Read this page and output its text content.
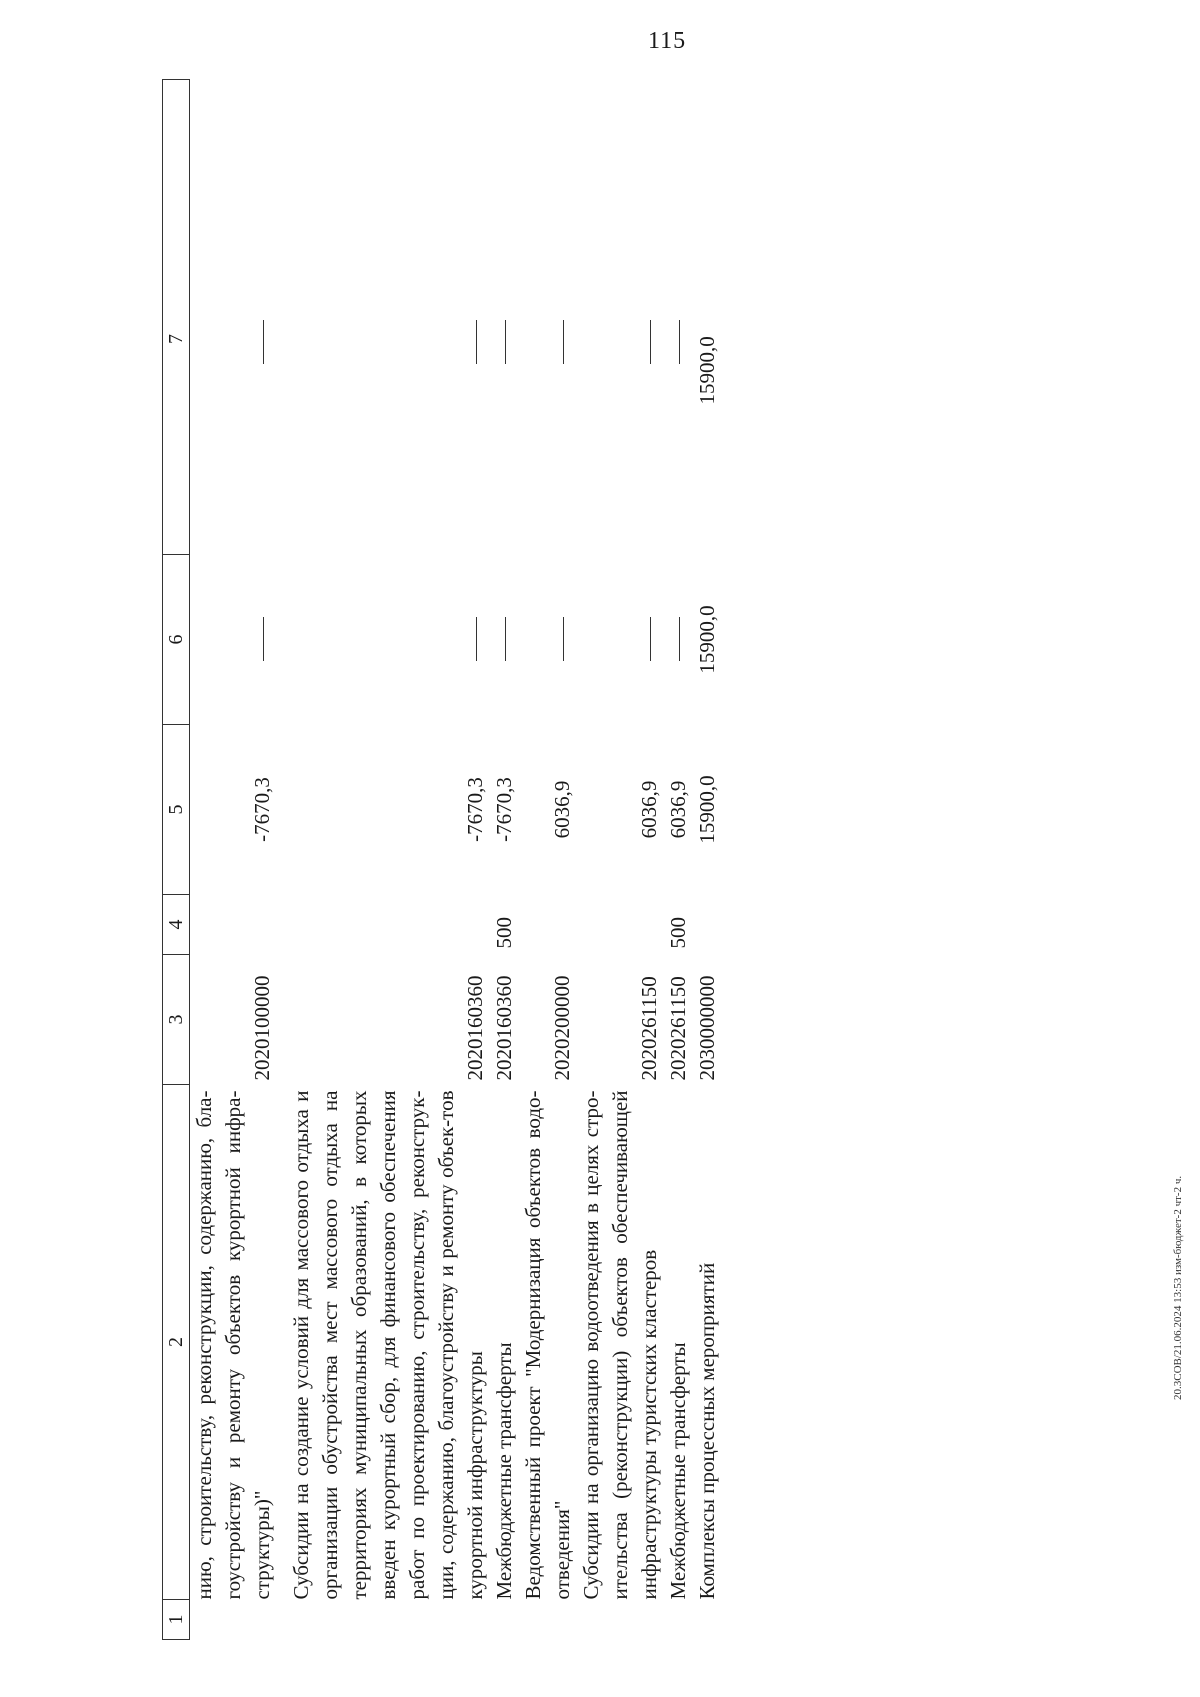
115
20.3СОВ/21.06.2024 13:53 изм-бюджет-2 чт-2 ч.
1	2	3	4	5	6	7
	нию, строительству, реконструкции, содержанию, бла-гоустройству и ремонту объектов курортной инфра-структуры)"	2020100000		-7670,3		
	Субсидии на создание условий для массового отдыха и организации обустройства мест массового отдыха на территориях муниципальных образований, в которых введен курортный сбор, для финансового обеспечения работ по проектированию, строительству, реконструк-ции, содержанию, благоустройству и ремонту объек-тов курортной инфраструктуры	2020160360		-7670,3		
	Межбюджетные трансферты	2020160360	500	-7670,3		
	Ведомственный проект "Модернизация объектов водо-отведения"	2020200000		6036,9		
	Субсидии на организацию водоотведения в целях стро-ительства (реконструкции) объектов обеспечивающей инфраструктуры туристских кластеров	2020261150		6036,9		
	Межбюджетные трансферты	2020261150	500	6036,9		
	Комплексы процессных мероприятий	2030000000		15900,0	15900,0	15900,0
